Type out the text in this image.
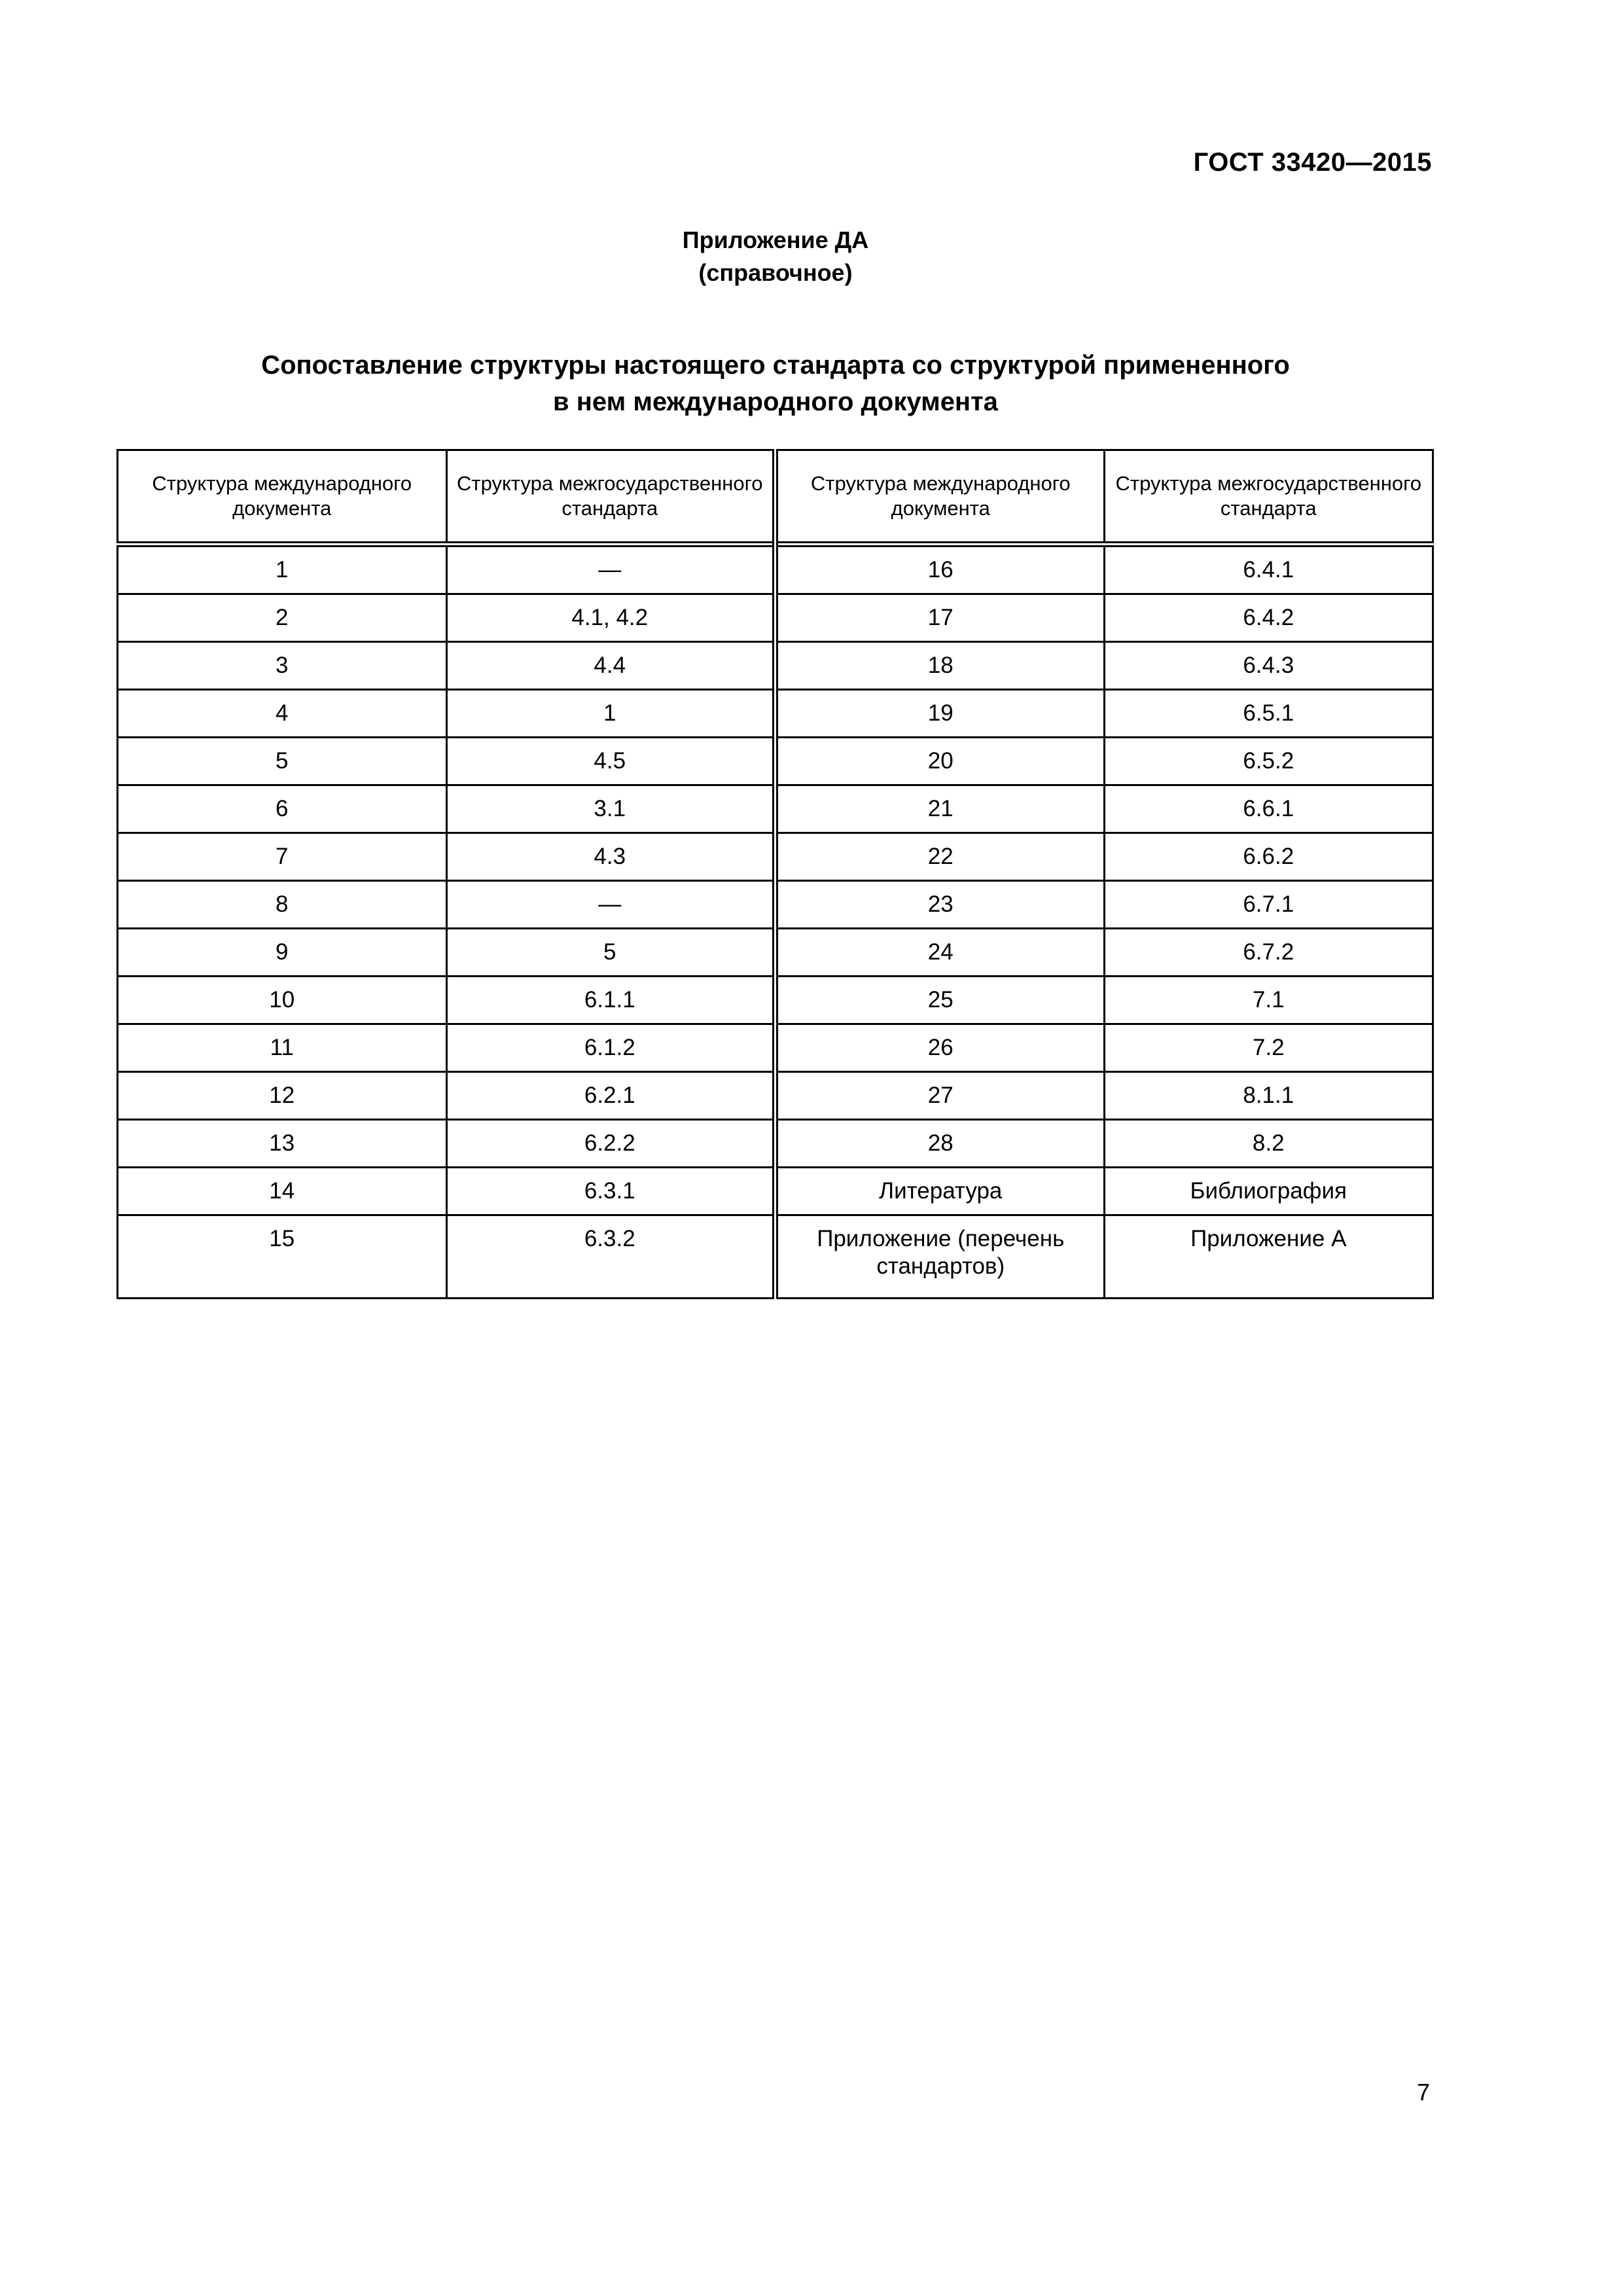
ГОСТ 33420—2015
Приложение ДА
(справочное)
Сопоставление структуры настоящего стандарта со структурой примененного
в нем международного документа
Структура международного документа	Структура межгосударственного стандарта	Структура международного документа	Структура межгосударственного стандарта
1	—	16	6.4.1
2	4.1, 4.2	17	6.4.2
3	4.4	18	6.4.3
4	1	19	6.5.1
5	4.5	20	6.5.2
6	3.1	21	6.6.1
7	4.3	22	6.6.2
8	—	23	6.7.1
9	5	24	6.7.2
10	6.1.1	25	7.1
11	6.1.2	26	7.2
12	6.2.1	27	8.1.1
13	6.2.2	28	8.2
14	6.3.1	Литература	Библиография
15	6.3.2	Приложение (перечень стандартов)	Приложение А
7
